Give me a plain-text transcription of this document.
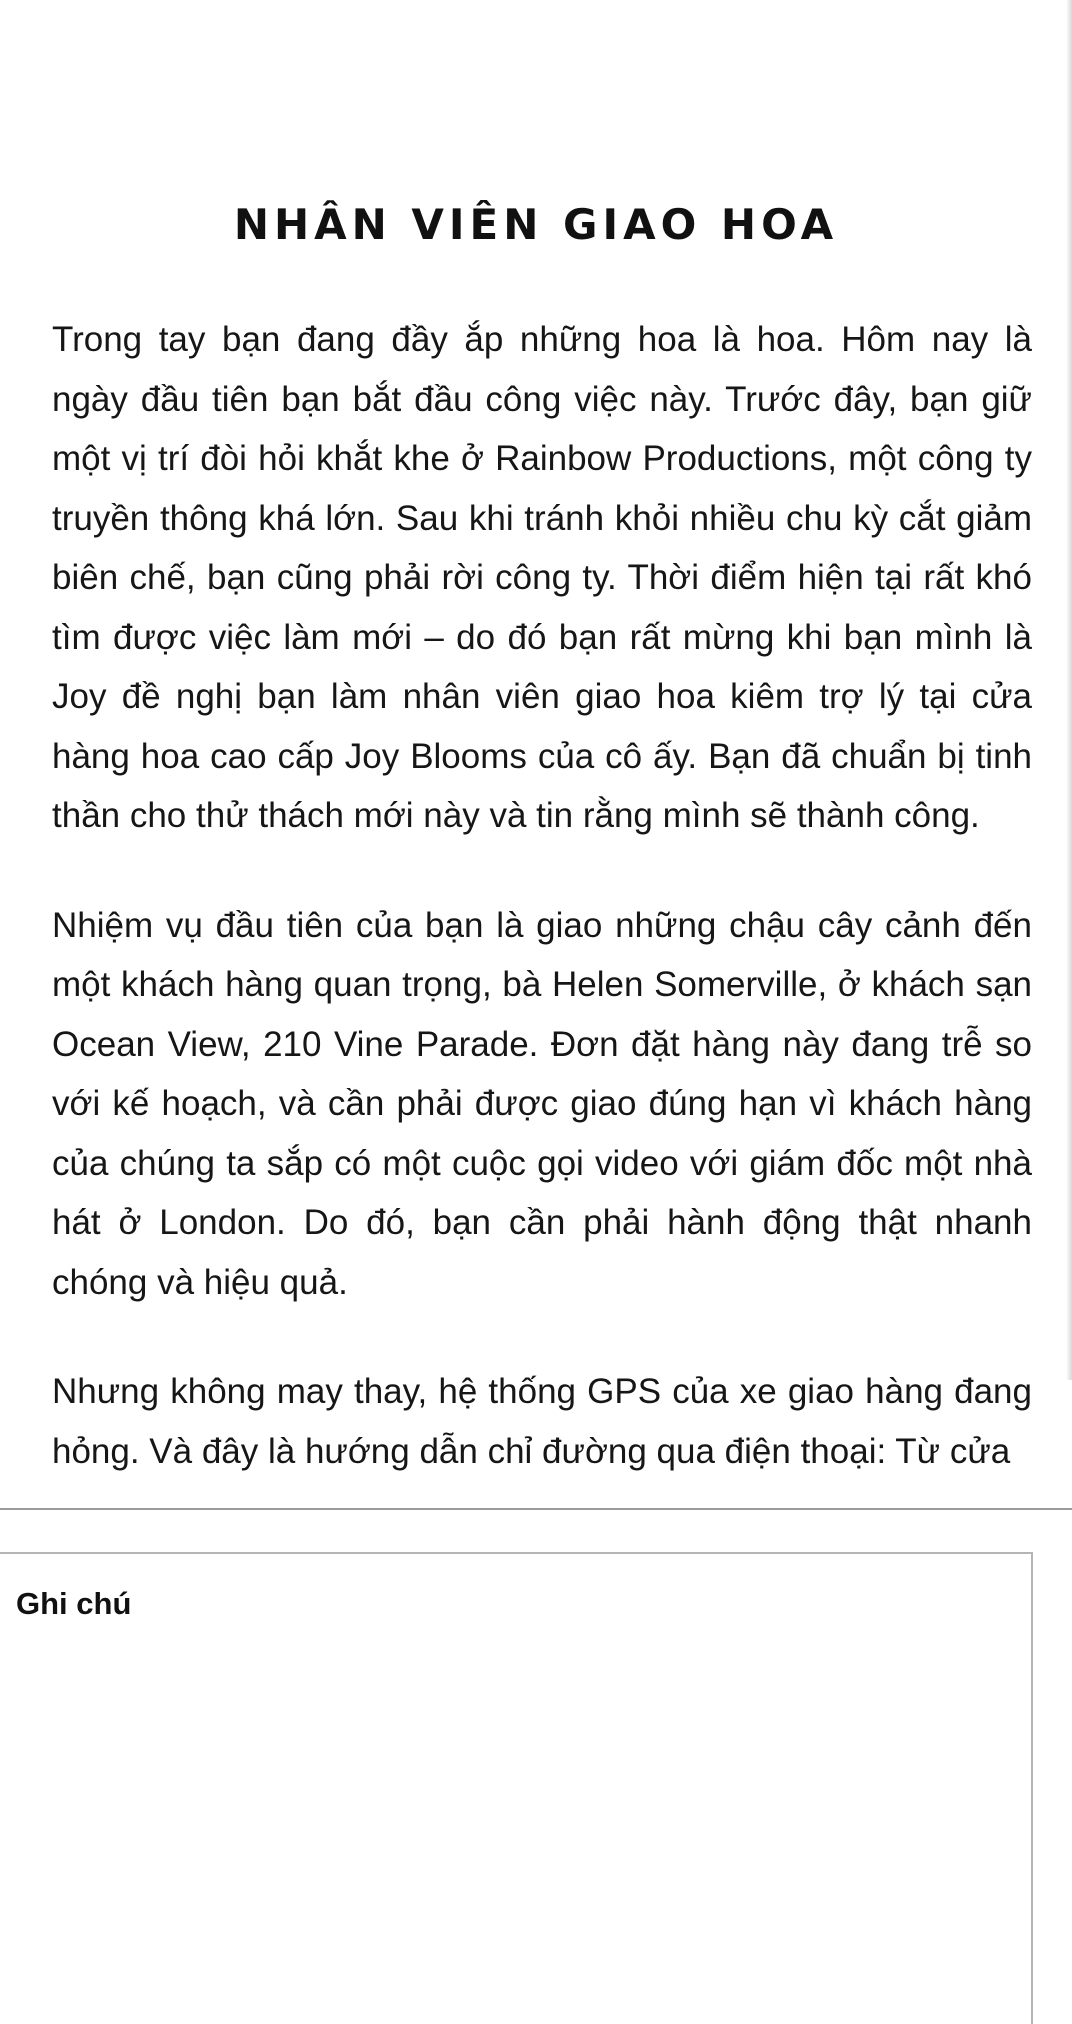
NHÂN VIÊN GIAO HOA

Trong tay bạn đang đầy ắp những hoa là hoa. Hôm nay là ngày đầu tiên bạn bắt đầu công việc này. Trước đây, bạn giữ một vị trí đòi hỏi khắt khe ở Rainbow Productions, một công ty truyền thông khá lớn. Sau khi tránh khỏi nhiều chu kỳ cắt giảm biên chế, bạn cũng phải rời công ty. Thời điểm hiện tại rất khó tìm được việc làm mới – do đó bạn rất mừng khi bạn mình là Joy đề nghị bạn làm nhân viên giao hoa kiêm trợ lý tại cửa hàng hoa cao cấp Joy Blooms của cô ấy. Bạn đã chuẩn bị tinh thần cho thử thách mới này và tin rằng mình sẽ thành công.

Nhiệm vụ đầu tiên của bạn là giao những chậu cây cảnh đến một khách hàng quan trọng, bà Helen Somerville, ở khách sạn Ocean View, 210 Vine Parade. Đơn đặt hàng này đang trễ so với kế hoạch, và cần phải được giao đúng hạn vì khách hàng của chúng ta sắp có một cuộc gọi video với giám đốc một nhà hát ở London. Do đó, bạn cần phải hành động thật nhanh chóng và hiệu quả.

Nhưng không may thay, hệ thống GPS của xe giao hàng đang hỏng. Và đây là hướng dẫn chỉ đường qua điện thoại: Từ cửa

Ghi chú
